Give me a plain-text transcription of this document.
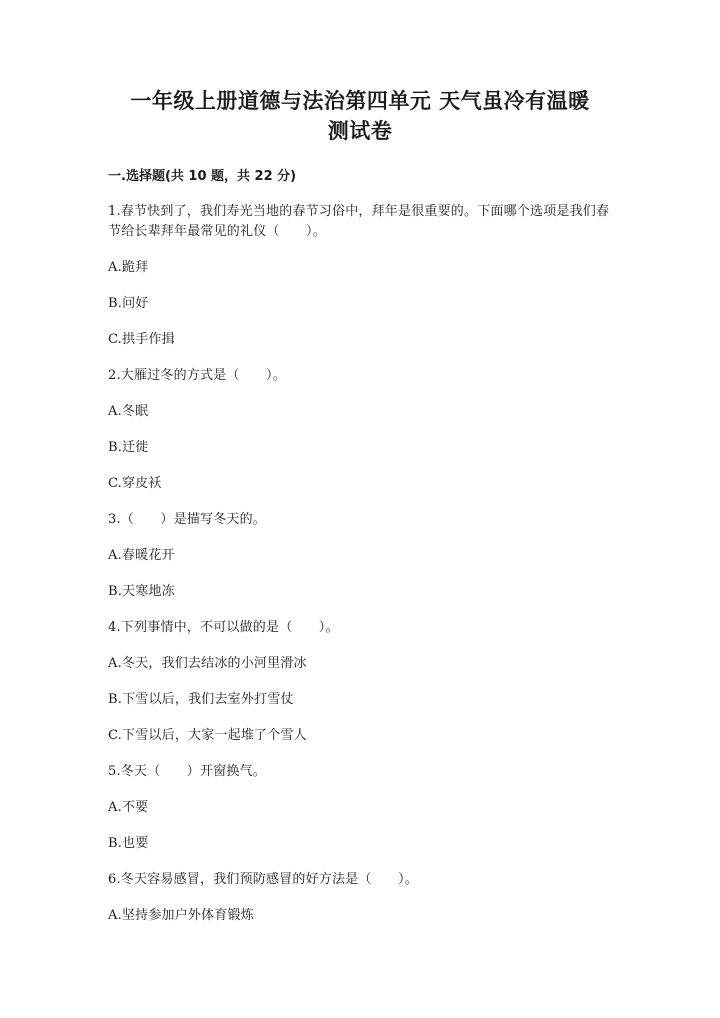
一年级上册道德与法治第四单元 天气虽冷有温暖
测试卷
一.选择题(共 10 题，共 22 分)
1.春节快到了，我们寿光当地的春节习俗中，拜年是很重要的。下面哪个选项是我们春节给长辈拜年最常见的礼仪（　　）。
A.跪拜
B.问好
C.拱手作揖
2.大雁过冬的方式是（　　）。
A.冬眠
B.迁徙
C.穿皮袄
3.（　　）是描写冬天的。
A.春暖花开
B.天寒地冻
4.下列事情中，不可以做的是（　　）。
A.冬天，我们去结冰的小河里滑冰
B.下雪以后，我们去室外打雪仗
C.下雪以后，大家一起堆了个雪人
5.冬天（　　）开窗换气。
A.不要
B.也要
6.冬天容易感冒，我们预防感冒的好方法是（　　）。
A.坚持参加户外体育锻炼
